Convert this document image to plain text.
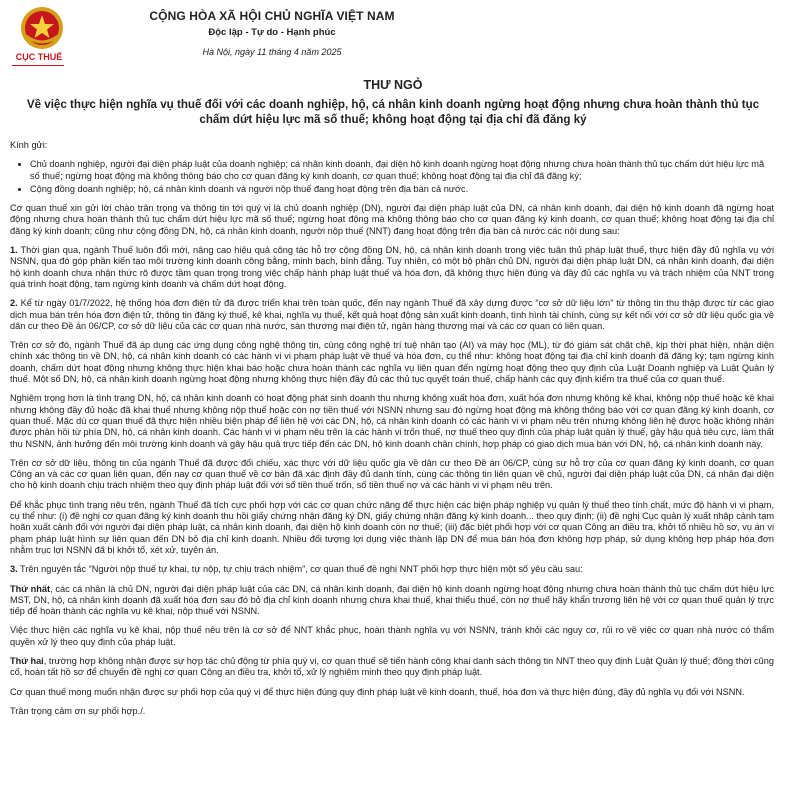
CỤC THUẾ
CỘNG HÒA XÃ HỘI CHỦ NGHĨA VIỆT NAM
Độc lập - Tự do - Hạnh phúc
Hà Nội, ngày 11 tháng 4 năm 2025
THƯ NGỎ
Về việc thực hiện nghĩa vụ thuế đối với các doanh nghiệp, hộ, cá nhân kinh doanh ngừng hoạt động nhưng chưa hoàn thành thủ tục chấm dứt hiệu lực mã số thuế; không hoạt động tại địa chỉ đã đăng ký

Kính gửi:

• Chủ doanh nghiệp, người đại diện pháp luật của doanh nghiệp; cá nhân kinh doanh, đại diện hộ kinh doanh ngừng hoạt động nhưng chưa hoàn thành thủ tục chấm dứt hiệu lực mã số thuế; ngừng hoạt động mà không thông báo cho cơ quan đăng ký kinh doanh, cơ quan thuế; không hoạt động tại địa chỉ đã đăng ký;
• Cộng đồng doanh nghiệp; hộ, cá nhân kinh doanh và người nộp thuế đang hoạt động trên địa bàn cả nước.

Cơ quan thuế xin gửi lời chào trân trọng và thông tin tới quý vị là chủ doanh nghiệp (DN), người đại diện pháp luật của DN, cá nhân kinh doanh, đại diện hộ kinh doanh đã ngừng hoạt động nhưng chưa hoàn thành thủ tục chấm dứt hiệu lực mã số thuế; ngừng hoạt động mà không thông báo cho cơ quan đăng ký kinh doanh, cơ quan thuế; không hoạt động tại địa chỉ đăng ký kinh doanh; cũng như cộng đồng DN, hộ, cá nhân kinh doanh, người nộp thuế (NNT) đang hoạt động trên địa bàn cả nước các nội dung sau:

1. Thời gian qua, ngành Thuế luôn đổi mới, nâng cao hiệu quả công tác hỗ trợ cộng đồng DN, hộ, cá nhân kinh doanh trong việc tuân thủ pháp luật thuế, thực hiện đầy đủ nghĩa vụ với NSNN, qua đó góp phần kiến tạo môi trường kinh doanh công bằng, minh bạch, bình đẳng. Tuy nhiên, có một bộ phận chủ DN, người đại diện pháp luật DN, cá nhân kinh doanh, đại diện hộ kinh doanh chưa nhận thức rõ được tầm quan trọng trong việc chấp hành pháp luật thuế và hóa đơn, đã không thực hiện đúng và đầy đủ các nghĩa vụ và trách nhiệm của NNT trong quá trình hoạt động, tạm ngừng kinh doanh và chấm dứt hoạt động.

2. Kể từ ngày 01/7/2022, hệ thống hóa đơn điện tử đã được triển khai trên toàn quốc, đến nay ngành Thuế đã xây dựng được “cơ sở dữ liệu lớn” từ thông tin thu thập được từ các giao dịch mua bán trên hóa đơn điện tử, thông tin đăng ký thuế, kê khai, nghĩa vụ thuế, kết quả hoạt động sản xuất kinh doanh, tình hình tài chính, cùng sự kết nối với cơ sở dữ liệu quốc gia về dân cư theo Đề án 06/CP, cơ sở dữ liệu của các cơ quan nhà nước, sàn thương mại điện tử, ngân hàng thương mại và các cơ quan có liên quan.

Trên cơ sở đó, ngành Thuế đã áp dụng các ứng dụng công nghệ thông tin, cùng công nghệ trí tuệ nhân tạo (AI) và máy học (ML), từ đó giám sát chặt chẽ, kịp thời phát hiện, nhận diện chính xác thông tin về DN, hộ, cá nhân kinh doanh có các hành vi vi phạm pháp luật về thuế và hóa đơn, cụ thể như: không hoạt động tại địa chỉ kinh doanh đã đăng ký; tạm ngừng kinh doanh, chấm dứt hoạt động nhưng không thực hiện khai báo hoặc chưa hoàn thành các nghĩa vụ liên quan đến ngừng hoạt động theo quy định của Luật Doanh nghiệp và Luật Quản lý thuế. Một số DN, hộ, cá nhân kinh doanh ngừng hoạt động nhưng không thực hiện đầy đủ các thủ tục quyết toán thuế, chấp hành các quy định kiểm tra thuế của cơ quan thuế.

Nghiêm trọng hơn là tình trạng DN, hộ, cá nhân kinh doanh có hoạt động phát sinh doanh thu nhưng không xuất hóa đơn, xuất hóa đơn nhưng không kê khai, không nộp thuế hoặc kê khai nhưng không đầy đủ hoặc đã khai thuế nhưng không nộp thuế hoặc còn nợ tiền thuế với NSNN nhưng sau đó ngừng hoạt động mà không thông báo với cơ quan đăng ký kinh doanh, cơ quan thuế. Mặc dù cơ quan thuế đã thực hiện nhiều biện pháp để liên hệ với các DN, hộ, cá nhân kinh doanh có các hành vi vi phạm nêu trên nhưng không liên hệ được hoặc không nhận được phản hồi từ phía DN, hộ, cá nhân kinh doanh. Các hành vi vi phạm nêu trên là các hành vi trốn thuế, nợ thuế theo quy định của pháp luật quản lý thuế, gây hậu quả tiêu cực, làm thất thu NSNN, ảnh hưởng đến môi trường kinh doanh và gây hậu quả trực tiếp đến các DN, hộ kinh doanh chân chính, hợp pháp có giao dịch mua bán với DN, hộ, cá nhân kinh doanh này.

Trên cơ sở dữ liệu, thông tin của ngành Thuế đã được đối chiếu, xác thực với dữ liệu quốc gia về dân cư theo Đề án 06/CP, cùng sự hỗ trợ của cơ quan đăng ký kinh doanh, cơ quan Công an và các cơ quan liên quan, đến nay cơ quan thuế về cơ bản đã xác định đầy đủ danh tính, cùng các thông tin liên quan về chủ, người đại diện pháp luật của DN, cá nhân đại diện cho hộ kinh doanh chịu trách nhiệm theo quy định pháp luật đối với số tiền thuế trốn, số tiền thuế nợ và các hành vi vi phạm nêu trên.

Để khắc phục tình trạng nêu trên, ngành Thuế đã tích cực phối hợp với các cơ quan chức năng để thực hiện các biện pháp nghiệp vụ quản lý thuế theo tính chất, mức độ hành vi vi phạm, cụ thể như: (i) đề nghị cơ quan đăng ký kinh doanh thu hồi giấy chứng nhận đăng ký DN, giấy chứng nhận đăng ký kinh doanh... theo quy định; (ii) đề nghị Cục quản lý xuất nhập cảnh tạm hoãn xuất cảnh đối với người đại diện pháp luật, cá nhân kinh doanh, đại diện hộ kinh doanh còn nợ thuế; (iii) đặc biệt phối hợp với cơ quan Công an điều tra, khởi tố nhiều hồ sơ, vụ án vi phạm pháp luật hình sự liên quan đến DN bỏ địa chỉ kinh doanh. Nhiều đối tượng lợi dụng việc thành lập DN để mua bán hóa đơn không hợp pháp, sử dụng không hợp pháp hóa đơn nhằm trục lợi NSNN đã bị khởi tố, xét xử, tuyên án.

3. Trên nguyên tắc “Người nộp thuế tự khai, tự nộp, tự chịu trách nhiệm”, cơ quan thuế đề nghị NNT phối hợp thực hiện một số yêu cầu sau:

Thứ nhất, các cá nhân là chủ DN, người đại diện pháp luật của các DN, cá nhân kinh doanh, đại diện hộ kinh doanh ngừng hoạt động nhưng chưa hoàn thành thủ tục chấm dứt hiệu lực MST, DN, hộ, cá nhân kinh doanh đã xuất hóa đơn sau đó bỏ địa chỉ kinh doanh nhưng chưa khai thuế, khai thiếu thuế, còn nợ thuế hãy khẩn trương liên hệ với cơ quan thuế quản lý trực tiếp để hoàn thành các nghĩa vụ kê khai, nộp thuế với NSNN.

Việc thực hiện các nghĩa vụ kê khai, nộp thuế nêu trên là cơ sở để NNT khắc phục, hoàn thành nghĩa vụ với NSNN, tránh khỏi các nguy cơ, rủi ro về việc cơ quan nhà nước có thẩm quyền xử lý theo quy định của pháp luật.

Thứ hai, trường hợp không nhận được sự hợp tác chủ động từ phía quý vị, cơ quan thuế sẽ tiến hành công khai danh sách thông tin NNT theo quy định Luật Quản lý thuế; đồng thời cũng cố, hoàn tất hồ sơ để chuyển đề nghị cơ quan Công an điều tra, khởi tố, xử lý nghiêm minh theo quy định pháp luật.

Cơ quan thuế mong muốn nhận được sự phối hợp của quý vị để thực hiện đúng quy định pháp luật về kinh doanh, thuế, hóa đơn và thực hiện đúng, đầy đủ nghĩa vụ đối với NSNN.

Trân trọng cảm ơn sự phối hợp./.
